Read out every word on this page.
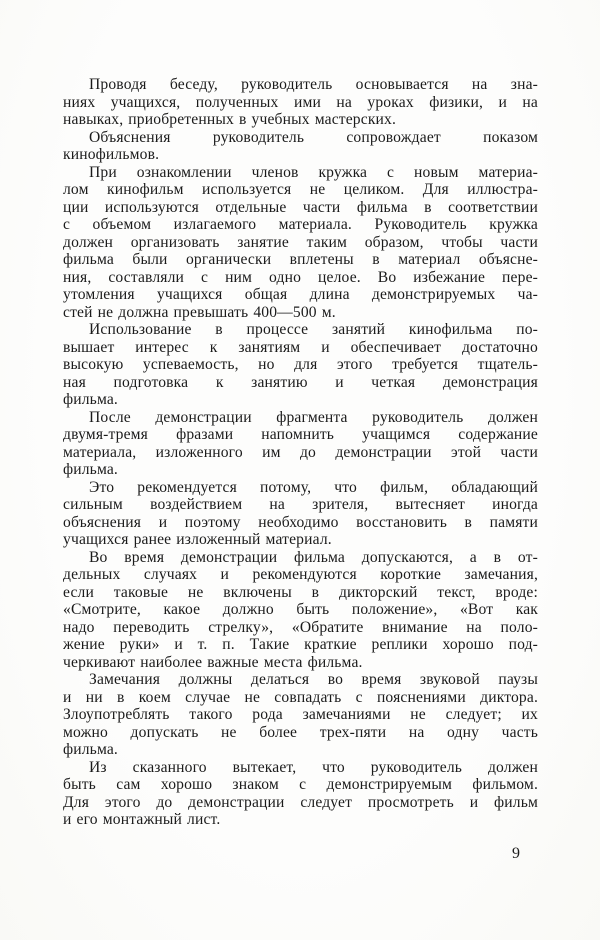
Проводя беседу, руководитель основывается на зна-
ниях учащихся, полученных ими на уроках физики, и на
навыках, приобретенных в учебных мастерских.

Объяснения руководитель сопровождает показом
кинофильмов.

При ознакомлении членов кружка с новым материа-
лом кинофильм используется не целиком. Для иллюстра-
ции используются отдельные части фильма в соответствии
с объемом излагаемого материала. Руководитель кружка
должен организовать занятие таким образом, чтобы части
фильма были органически вплетены в материал объясне-
ния, составляли с ним одно целое. Во избежание пере-
утомления учащихся общая длина демонстрируемых ча-
стей не должна превышать 400—500 м.

Использование в процессе занятий кинофильма по-
вышает интерес к занятиям и обеспечивает достаточно
высокую успеваемость, но для этого требуется тщатель-
ная подготовка к занятию и четкая демонстрация
фильма.

После демонстрации фрагмента руководитель должен
двумя-тремя фразами напомнить учащимся содержание
материала, изложенного им до демонстрации этой части
фильма.

Это рекомендуется потому, что фильм, обладающий
сильным воздействием на зрителя, вытесняет иногда
объяснения и поэтому необходимо восстановить в памяти
учащихся ранее изложенный материал.

Во время демонстрации фильма допускаются, а в от-
дельных случаях и рекомендуются короткие замечания,
если таковые не включены в дикторский текст, вроде:
«Смотрите, какое должно быть положение», «Вот как
надо переводить стрелку», «Обратите внимание на поло-
жение руки» и т. п. Такие краткие реплики хорошо под-
черкивают наиболее важные места фильма.

Замечания должны делаться во время звуковой паузы
и ни в коем случае не совпадать с пояснениями диктора.
Злоупотреблять такого рода замечаниями не следует; их
можно допускать не более трех-пяти на одну часть
фильма.

Из сказанного вытекает, что руководитель должен
быть сам хорошо знаком с демонстрируемым фильмом.
Для этого до демонстрации следует просмотреть и фильм
и его монтажный лист.

9
